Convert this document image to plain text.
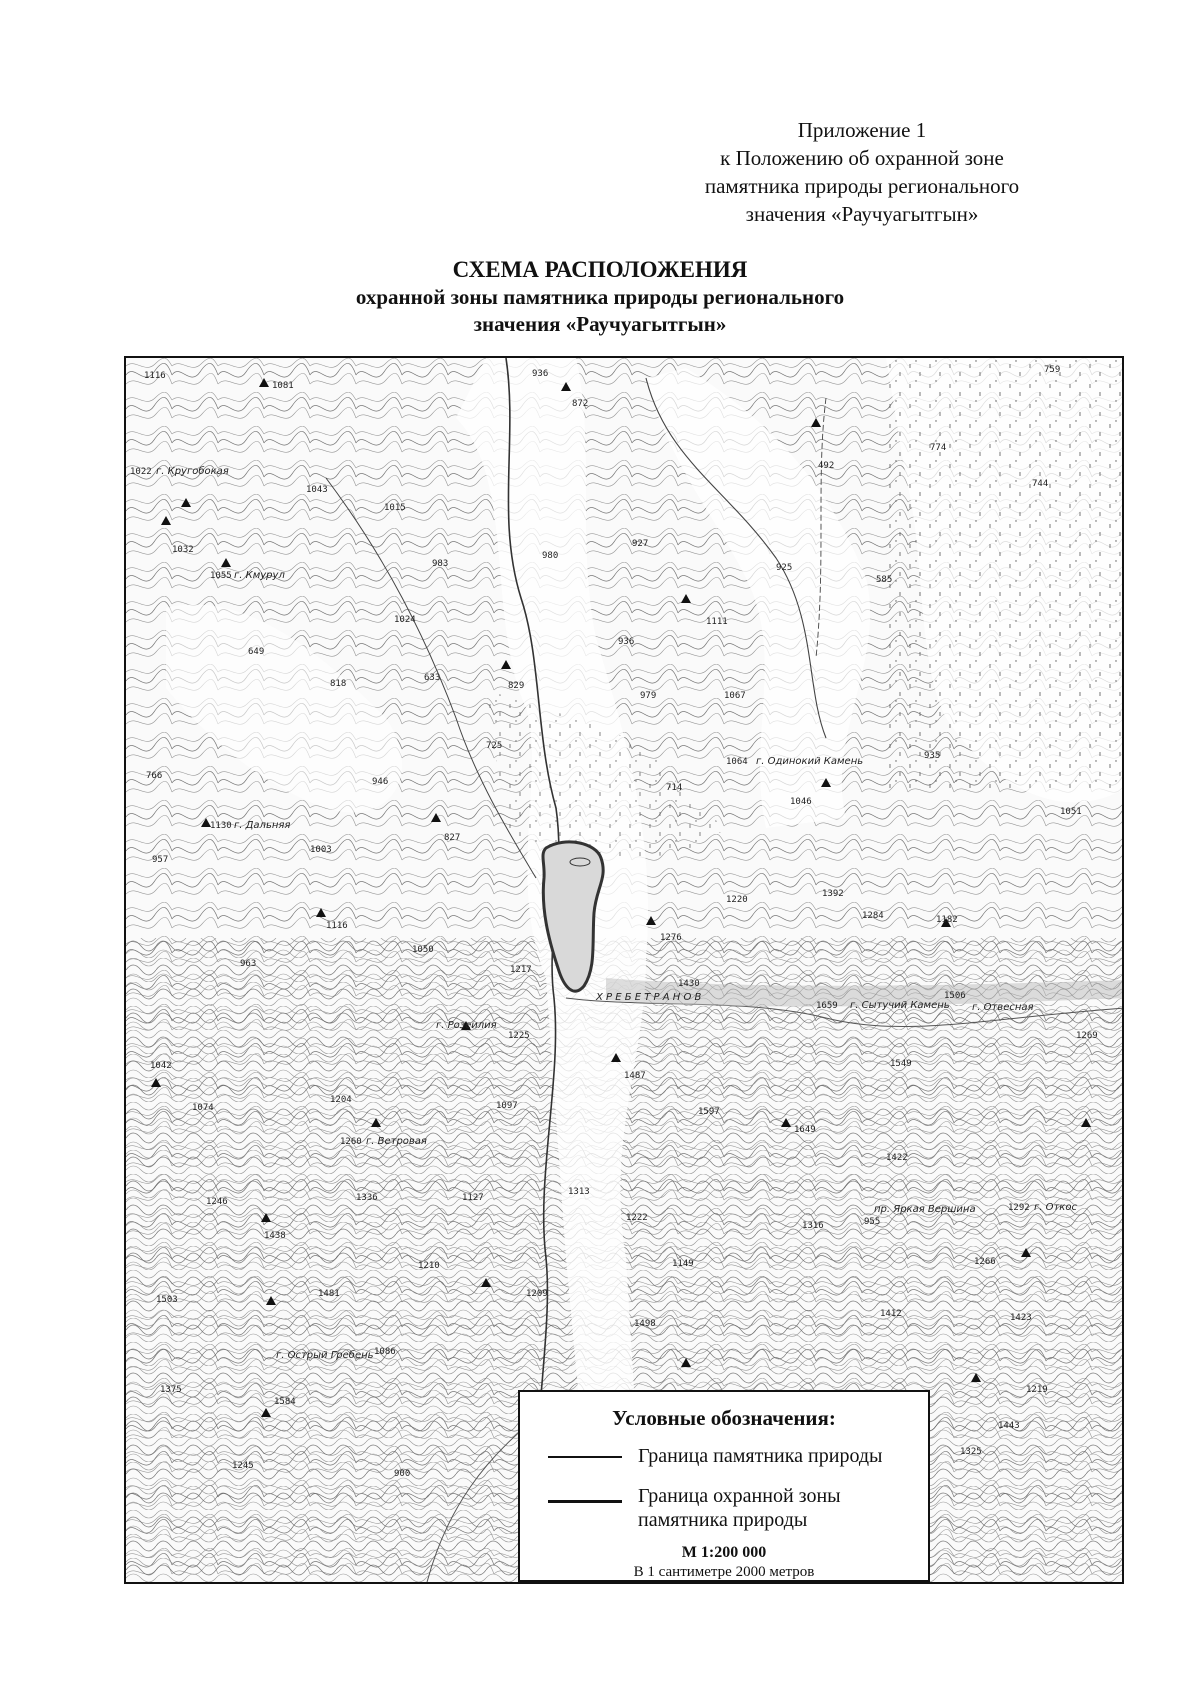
Приложение 1
к Положению об охранной зоне
памятника природы регионального
значения «Раучуагытгын»
СХЕМА РАСПОЛОЖЕНИЯ
охранной зоны памятника природы регионального
значения «Раучуагытгын»
1116
1081
936
872
759
1022 г. Кругобокая
1043
1015
492
774
744
1032
1055 г. Кмурул
983
980
927
925
585
1024
649
936
1111
818
633
829
979	1067
725
714
1064 г. Одинокий Камень
766
946
1046
935
1130 г. Дальняя
957
1003
827
1051
1220
1392
1284
1116
1050
1276
1182
963
1217
1430
Х Р Е Б Е Т Р А Н О В
1659 г. Сытучий Камень
1506
г. Отвесная
г. Розеилия
1225	1269
1042
1487
1549
1074
1204
1097
1597
1260 г. Ветровая
1649
1422
1246	1336	1127
1313
1222
1316	955
пр. Яркая Вершина	1292 г. Откос
1438
1210	1149	1266
1503
1481	1209
1498
1412	1423
г. Острый Гребень 1086
1375
1584
1219
1443
1245
900
1325
Условные обозначения:
Граница памятника природы
Граница охранной зоны
памятника природы
М 1:200 000
В 1 сантиметре 2000 метров
